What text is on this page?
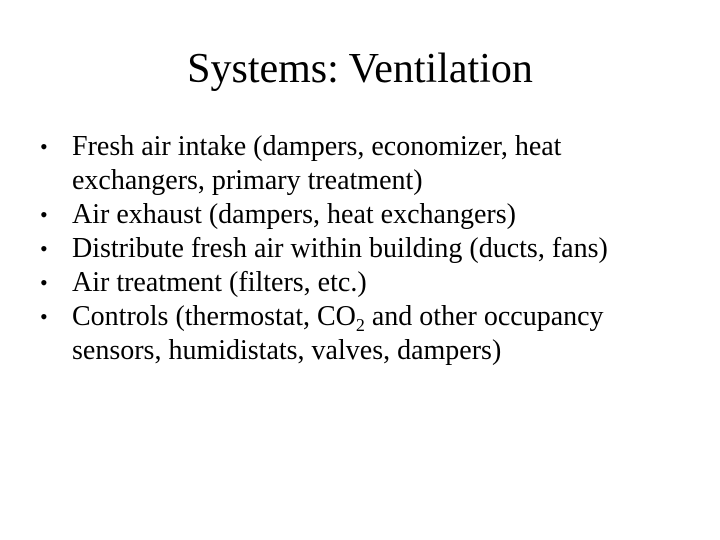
Systems: Ventilation
• Fresh air intake (dampers, economizer, heat exchangers, primary treatment)
• Air exhaust (dampers, heat exchangers)
• Distribute fresh air within building (ducts, fans)
• Air treatment (filters, etc.)
• Controls (thermostat, $CO_2$ and other occupancy sensors, humidistats, valves, dampers)
